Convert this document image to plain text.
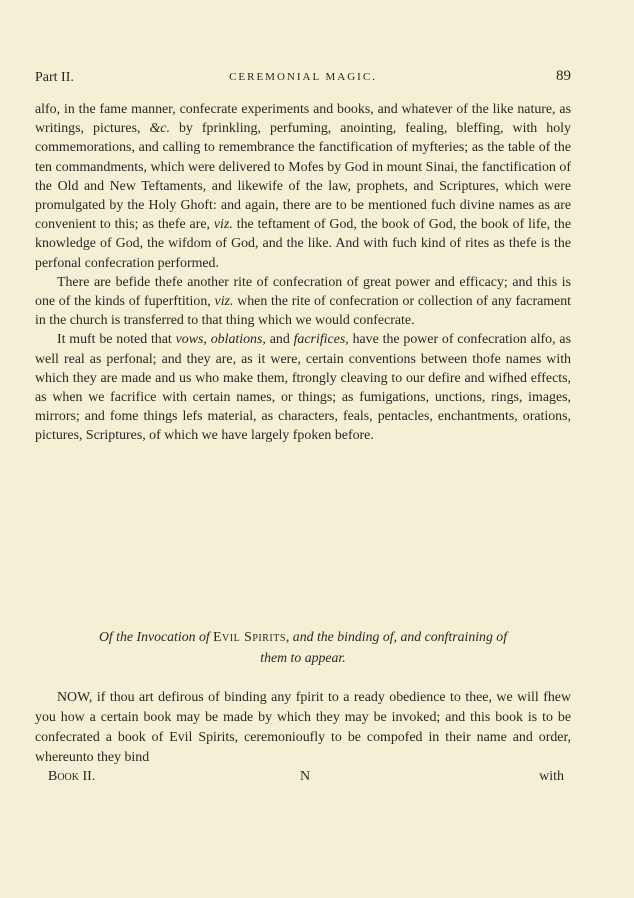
Part II.	CEREMONIAL MAGIC.	89

alfo, in the fame manner, confecrate experiments and books, and whatever of the like nature, as writings, pictures, &c. by fprinkling, perfuming, anointing, fealing, bleffing, with holy commemorations, and calling to remembrance the fanctification of myfteries; as the table of the ten commandments, which were delivered to Mofes by God in mount Sinai, the fanctification of the Old and New Teftaments, and likewife of the law, prophets, and Scriptures, which were promulgated by the Holy Ghoft: and again, there are to be mentioned fuch divine names as are convenient to this; as thefe are, viz. the teftament of God, the book of God, the book of life, the knowledge of God, the wifdom of God, and the like. And with fuch kind of rites as thefe is the perfonal confecration performed.

There are befide thefe another rite of confecration of great power and efficacy; and this is one of the kinds of fuperftition, viz. when the rite of confecration or collection of any facrament in the church is transferred to that thing which we would confecrate.

It muft be noted that vows, oblations, and facrifices, have the power of confecration alfo, as well real as perfonal; and they are, as it were, certain conventions between thofe names with which they are made and us who make them, ftrongly cleaving to our defire and wifhed effects, as when we facrifice with certain names, or things; as fumigations, unctions, rings, images, mirrors; and fome things lefs material, as characters, feals, pentacles, enchantments, orations, pictures, Scriptures, of which we have largely fpoken before.

Of the Invocation of Evil Spirits, and the binding of, and conftraining of
them to appear.

NOW, if thou art defirous of binding any fpirit to a ready obedience to thee, we will fhew you how a certain book may be made by which they may be invoked; and this book is to be confecrated a book of Evil Spirits, ceremonioufly to be compofed in their name and order, whereunto they bind

Book II.	N	with
